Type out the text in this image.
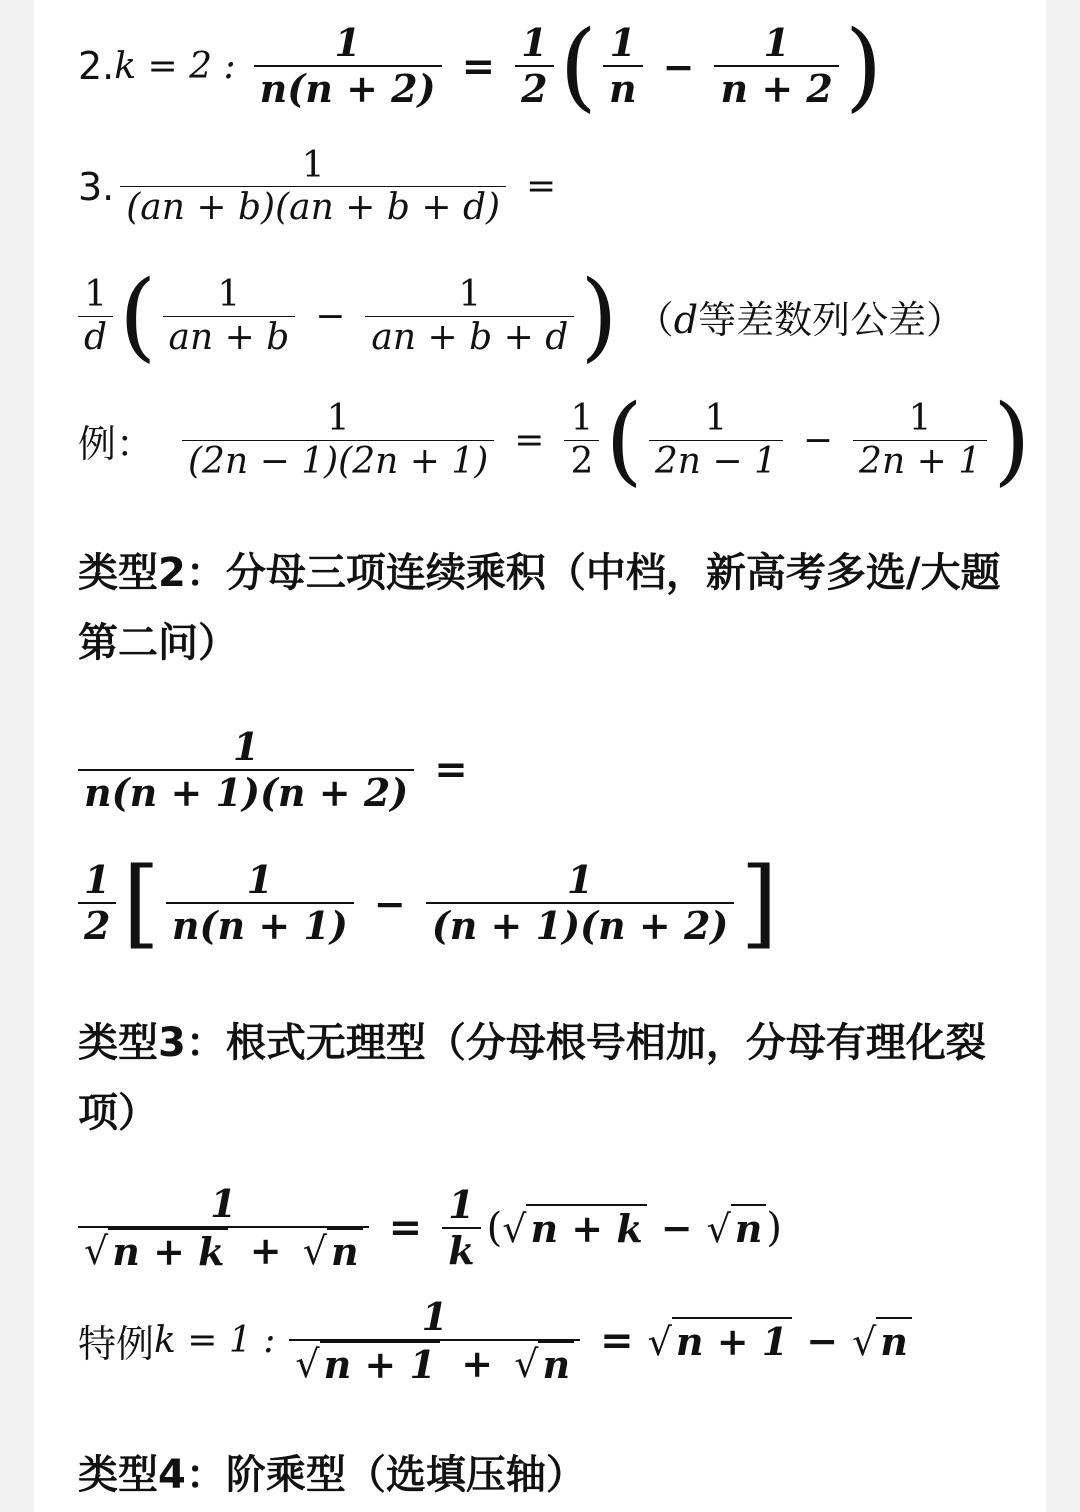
2. k = 2 : $\frac{1}{n(n + 2)} = \frac{1}{2}$ ( $\frac{1}{n} - \frac{1}{n + 2}$ )
3. $\frac{1}{(an + b)(an + b + d)}$ =
$\frac{1}{d}$ ( $\frac{1}{an + b} - \frac{1}{an + b + d}$ ) （d等差数列公差）
例： $\frac{1}{(2n - 1)(2n + 1)} = \frac{1}{2}$ ( $\frac{1}{2n - 1} - \frac{1}{2n + 1}$ )
类型2：分母三项连续乘积（中档，新高考多选/大题第二问）
$\frac{1}{n(n + 1)(n + 2)}$ =
$\frac{1}{2}$ [ $\frac{1}{n(n + 1)} - \frac{1}{(n + 1)(n + 2)}$ ]
类型3：根式无理型（分母根号相加，分母有理化裂项）
$\frac{1}{√ n + k + √ n} = \frac{1}{k}$ ( √ n + k − √ n )
特例 k = 1 : $\frac{1}{√ n + 1 + √ n}$ = √ n + 1 − √ n
类型4：阶乘型（选填压轴）
